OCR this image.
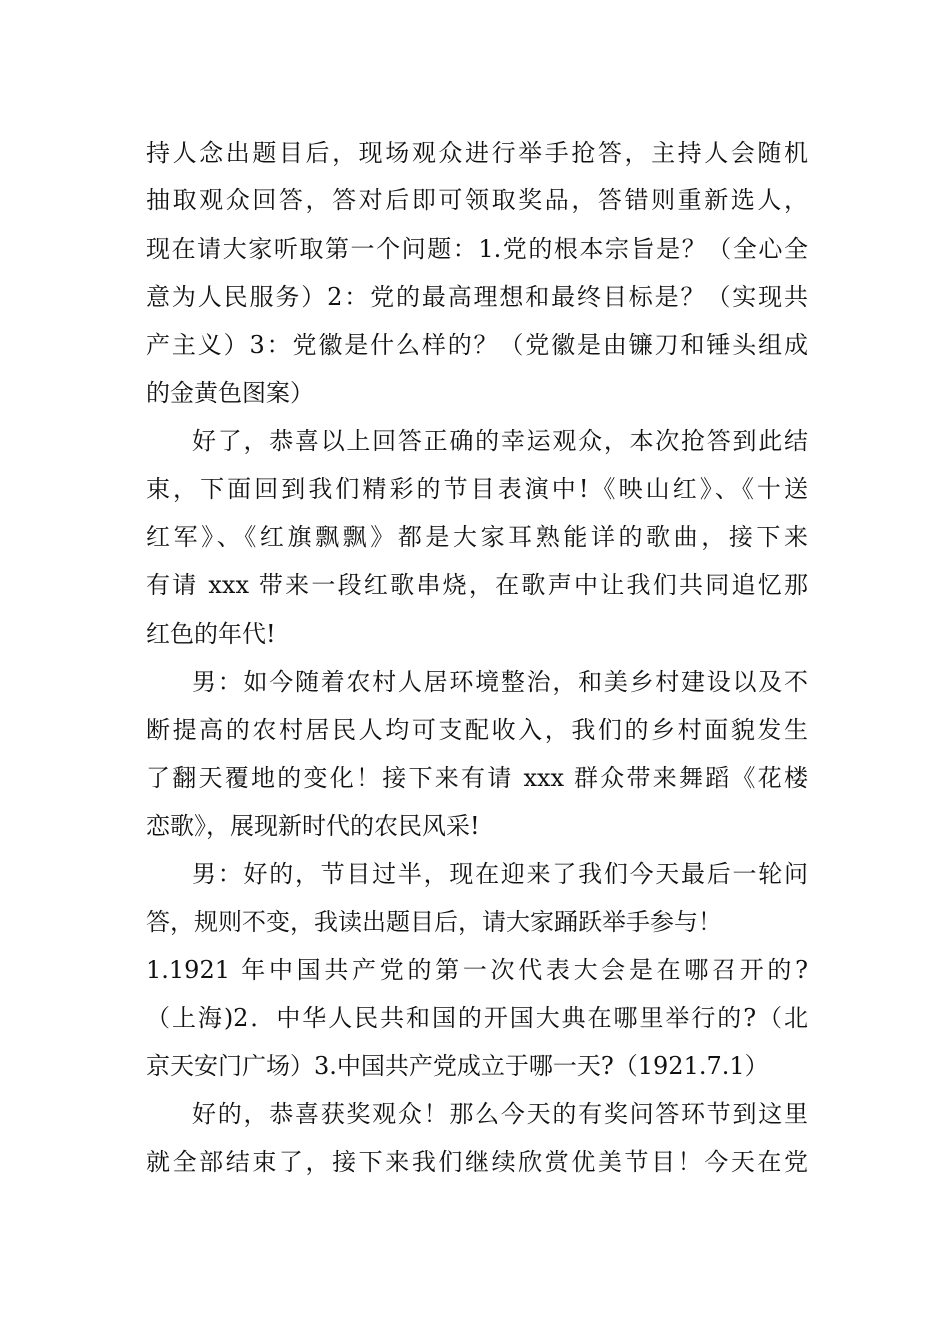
持人念出题目后，现场观众进行举手抢答，主持人会随机
抽取观众回答，答对后即可领取奖品，答错则重新选人，
现在请大家听取第一个问题：1.党的根本宗旨是？（全心全
意为人民服务）2：党的最高理想和最终目标是？（实现共
产主义）3：党徽是什么样的？（党徽是由镰刀和锤头组成
的金黄色图案）
好了，恭喜以上回答正确的幸运观众，本次抢答到此结
束，下面回到我们精彩的节目表演中!《映山红》、《十送
红军》、《红旗飘飘》都是大家耳熟能详的歌曲，接下来
有请 xxx 带来一段红歌串烧，在歌声中让我们共同追忆那
红色的年代!
男：如今随着农村人居环境整治，和美乡村建设以及不
断提高的农村居民人均可支配收入，我们的乡村面貌发生
了翻天覆地的变化！接下来有请 xxx 群众带来舞蹈《花楼
恋歌》，展现新时代的农民风采!
男：好的，节目过半，现在迎来了我们今天最后一轮问
答，规则不变，我读出题目后，请大家踊跃举手参与！
1.1921 年中国共产党的第一次代表大会是在哪召开的?
（上海)2．中华人民共和国的开国大典在哪里举行的?（北
京天安门广场）3.中国共产党成立于哪一天?（1921.7.1）
好的，恭喜获奖观众！那么今天的有奖问答环节到这里
就全部结束了，接下来我们继续欣赏优美节目！今天在党
